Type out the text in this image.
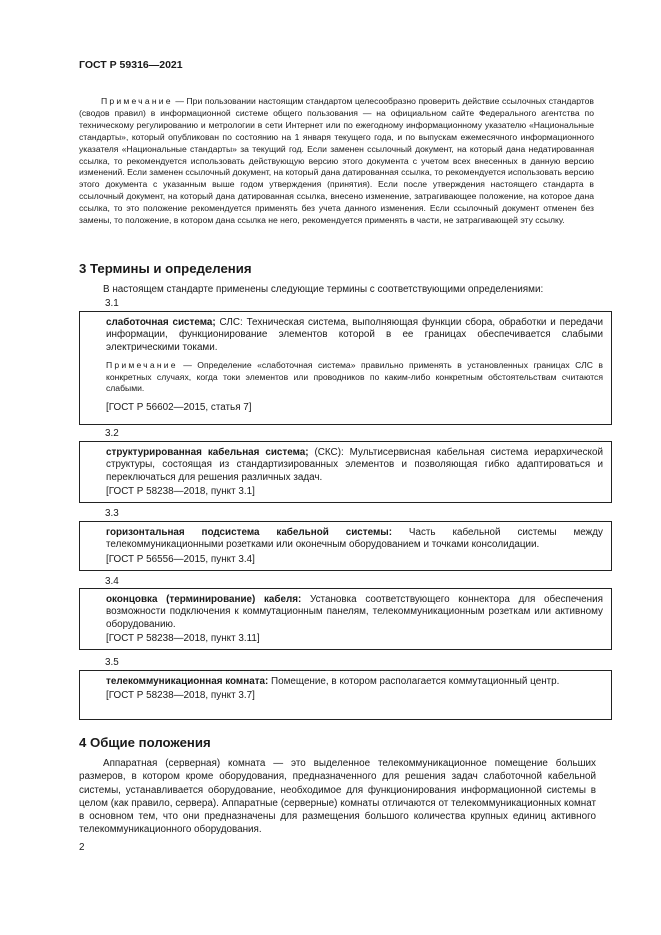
ГОСТ Р 59316—2021
Примечание — При пользовании настоящим стандартом целесообразно проверить действие ссылочных стандартов (сводов правил) в информационной системе общего пользования — на официальном сайте Федерального агентства по техническому регулированию и метрологии в сети Интернет или по ежегодному информационному указателю «Национальные стандарты», который опубликован по состоянию на 1 января текущего года, и по выпускам ежемесячного информационного указателя «Национальные стандарты» за текущий год. Если заменен ссылочный документ, на который дана недатированная ссылка, то рекомендуется использовать действующую версию этого документа с учетом всех внесенных в данную версию изменений. Если заменен ссылочный документ, на который дана датированная ссылка, то рекомендуется использовать версию этого документа с указанным выше годом утверждения (принятия). Если после утверждения настоящего стандарта в ссылочный документ, на который дана датированная ссылка, внесено изменение, затрагивающее положение, на которое дана ссылка, то это положение рекомендуется применять без учета данного изменения. Если ссылочный документ отменен без замены, то положение, в котором дана ссылка не него, рекомендуется применять в части, не затрагивающей эту ссылку.
3 Термины и определения
В настоящем стандарте применены следующие термины с соответствующими определениями:
3.1
слаботочная система; СЛС: Техническая система, выполняющая функции сбора, обработки и передачи информации, функционирование элементов которой в ее границах обеспечивается слабыми электрическими токами.
Примечание — Определение «слаботочная система» правильно применять в установленных границах СЛС в конкретных случаях, когда токи элементов или проводников по каким-либо конкретным обстоятельствам считаются слабыми.
[ГОСТ Р 56602—2015, статья 7]
3.2
структурированная кабельная система; (СКС): Мультисервисная кабельная система иерархической структуры, состоящая из стандартизированных элементов и позволяющая гибко адаптироваться и переключаться для решения различных задач.
[ГОСТ Р 58238—2018, пункт 3.1]
3.3
горизонтальная подсистема кабельной системы: Часть кабельной системы между телекоммуникационными розетками или оконечным оборудованием и точками консолидации.
[ГОСТ Р 56556—2015, пункт 3.4]
3.4
оконцовка (терминирование) кабеля: Установка соответствующего коннектора для обеспечения возможности подключения к коммутационным панелям, телекоммуникационным розеткам или активному оборудованию.
[ГОСТ Р 58238—2018, пункт 3.11]
3.5
телекоммуникационная комната: Помещение, в котором располагается коммутационный центр.
[ГОСТ Р 58238—2018, пункт 3.7]
4 Общие положения
Аппаратная (серверная) комната — это выделенное телекоммуникационное помещение больших размеров, в котором кроме оборудования, предназначенного для решения задач слаботочной кабельной системы, устанавливается оборудование, необходимое для функционирования информационной системы в целом (как правило, сервера). Аппаратные (серверные) комнаты отличаются от телекоммуникационных комнат в основном тем, что они предназначены для размещения большого количества крупных единиц активного телекоммуникационного оборудования.
2
